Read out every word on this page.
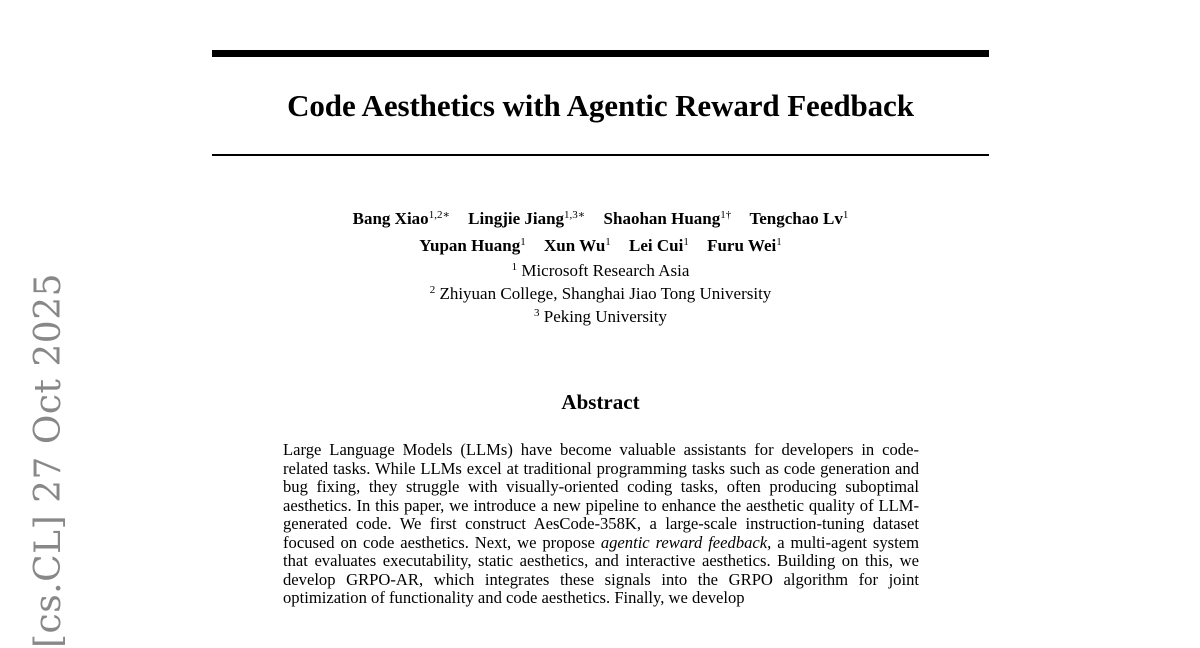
[cs.CL] 27 Oct 2025
Code Aesthetics with Agentic Reward Feedback
Bang Xiao$^{1,2∗}$ Lingjie Jiang$^{1,3∗}$ Shaohan Huang$^{1\dagger}$ Tengchao Lv$^1$
Yupan Huang$^1$ Xun Wu$^1$ Lei Cui$^1$ Furu Wei$^1$
$^1$ Microsoft Research Asia
$^2$ Zhiyuan College, Shanghai Jiao Tong University
$^3$ Peking University
Abstract
Large Language Models (LLMs) have become valuable assistants for developers in code-related tasks. While LLMs excel at traditional programming tasks such as code generation and bug fixing, they struggle with visually-oriented coding tasks, often producing suboptimal aesthetics. In this paper, we introduce a new pipeline to enhance the aesthetic quality of LLM-generated code. We first construct AesCode-358K, a large-scale instruction-tuning dataset focused on code aesthetics. Next, we propose agentic reward feedback, a multi-agent system that evaluates executability, static aesthetics, and interactive aesthetics. Building on this, we develop GRPO-AR, which integrates these signals into the GRPO algorithm for joint optimization of functionality and code aesthetics. Finally, we develop
